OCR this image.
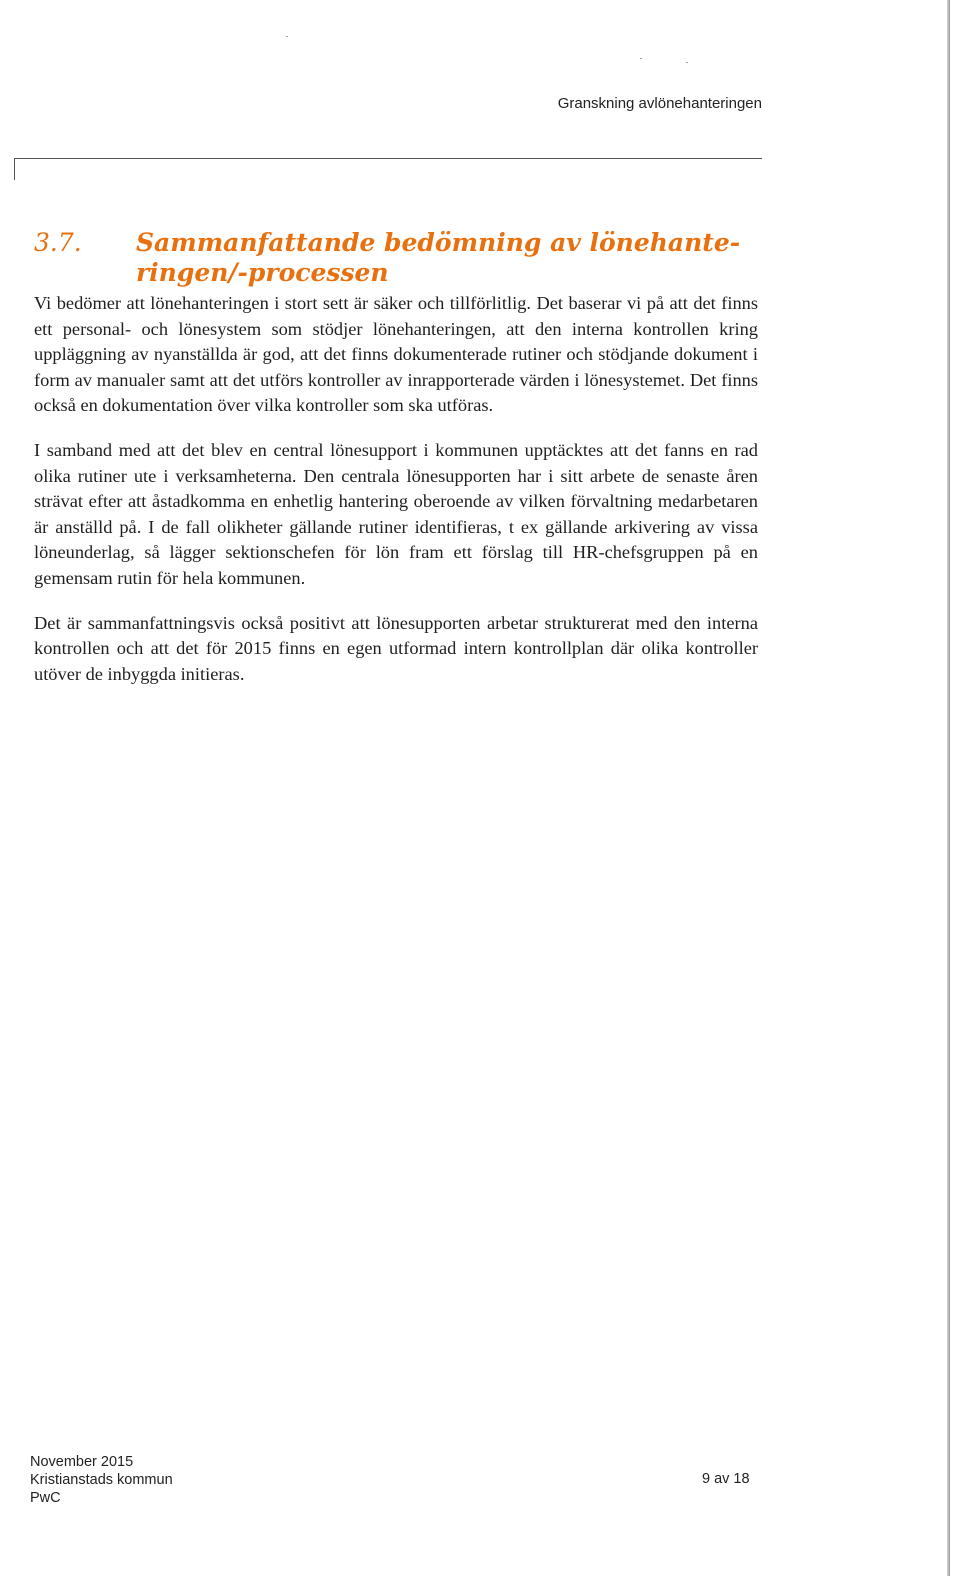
Granskning avlönehanteringen
3.7. Sammanfattande bedömning av lönehante-
ringen/-processen

Vi bedömer att lönehanteringen i stort sett är säker och tillförlitlig. Det baserar vi på att det finns ett personal- och lönesystem som stödjer lönehanteringen, att den interna kontrollen kring uppläggning av nyanställda är god, att det finns dokumenterade rutiner och stödjande dokument i form av manualer samt att det utförs kontroller av inrapporterade värden i lönesystemet. Det finns också en dokumentation över vilka kontroller som ska utföras.

I samband med att det blev en central lönesupport i kommunen upptäcktes att det fanns en rad olika rutiner ute i verksamheterna. Den centrala lönesupporten har i sitt arbete de senaste åren strävat efter att åstadkomma en enhetlig hantering oberoende av vilken förvaltning medarbetaren är anställd på. I de fall olikheter gällande rutiner identifieras, t ex gällande arkivering av vissa löneunderlag, så lägger sektionschefen för lön fram ett förslag till HR-chefsgruppen på en gemensam rutin för hela kommunen.

Det är sammanfattningsvis också positivt att lönesupporten arbetar strukturerat med den interna kontrollen och att det för 2015 finns en egen utformad intern kontrollplan där olika kontroller utöver de inbyggda initieras.

November 2015
Kristianstads kommun
PwC
9 av 18
